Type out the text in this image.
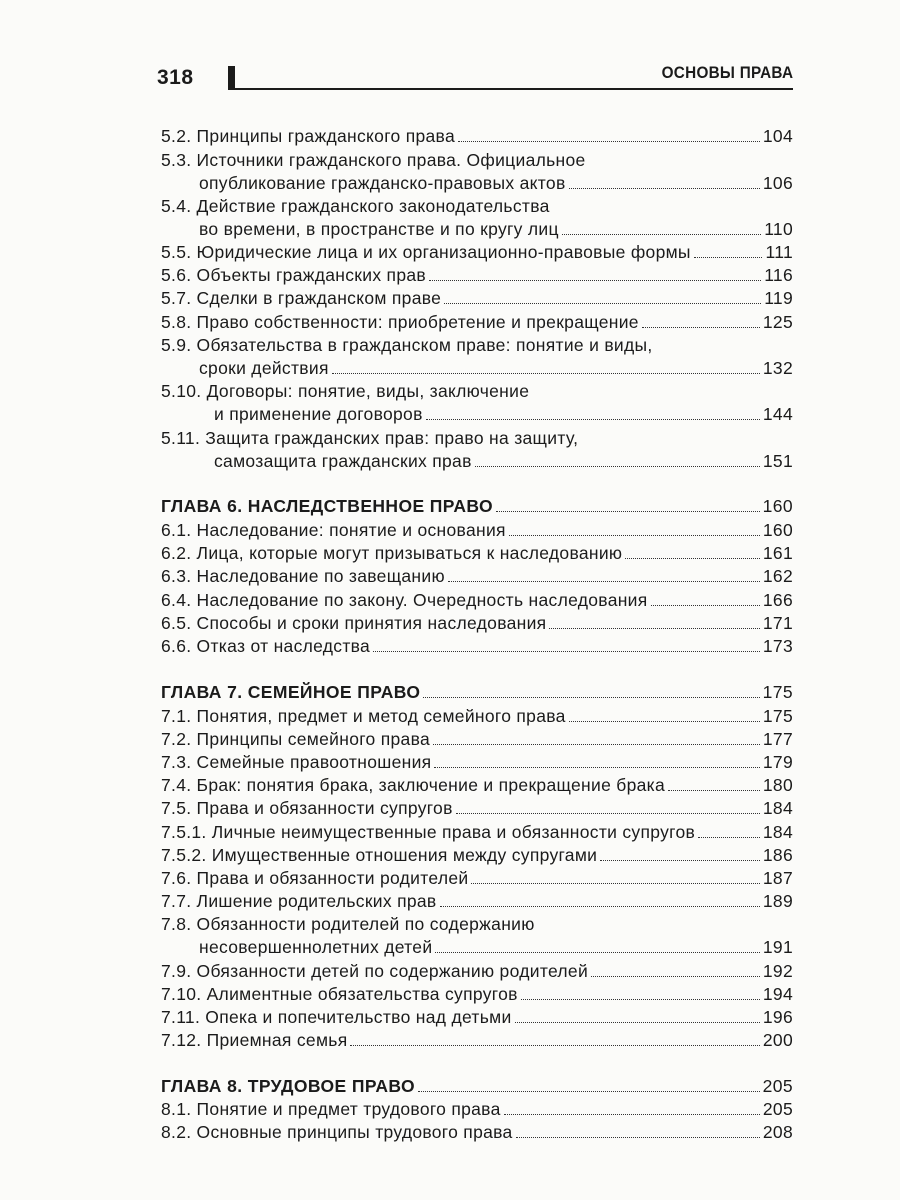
318	ОСНОВЫ ПРАВА
5.2. Принципы гражданского права	104
5.3. Источники гражданского права. Официальное
опубликование гражданско-правовых актов	106
5.4. Действие гражданского законодательства
во времени, в пространстве и по кругу лиц	110
5.5. Юридические лица и их организационно-правовые формы	111
5.6. Объекты гражданских прав	116
5.7. Сделки в гражданском праве	119
5.8. Право собственности: приобретение и прекращение	125
5.9. Обязательства в гражданском праве: понятие и виды,
сроки действия	132
5.10. Договоры: понятие, виды, заключение
и применение договоров	144
5.11. Защита гражданских прав: право на защиту,
самозащита гражданских прав	151
ГЛАВА 6. НАСЛЕДСТВЕННОЕ ПРАВО	160
6.1. Наследование: понятие и основания	160
6.2. Лица, которые могут призываться к наследованию	161
6.3. Наследование по завещанию	162
6.4. Наследование по закону. Очередность наследования	166
6.5. Способы и сроки принятия наследования	171
6.6. Отказ от наследства	173
ГЛАВА 7. СЕМЕЙНОЕ ПРАВО	175
7.1. Понятия, предмет и метод семейного права	175
7.2. Принципы семейного права	177
7.3. Семейные правоотношения	179
7.4. Брак: понятия брака, заключение и прекращение брака	180
7.5. Права и обязанности супругов	184
7.5.1. Личные неимущественные права и обязанности супругов	184
7.5.2. Имущественные отношения между супругами	186
7.6. Права и обязанности родителей	187
7.7. Лишение родительских прав	189
7.8. Обязанности родителей по содержанию
несовершеннолетних детей	191
7.9. Обязанности детей по содержанию родителей	192
7.10. Алиментные обязательства супругов	194
7.11. Опека и попечительство над детьми	196
7.12. Приемная семья	200
ГЛАВА 8. ТРУДОВОЕ ПРАВО	205
8.1. Понятие и предмет трудового права	205
8.2. Основные принципы трудового права	208
